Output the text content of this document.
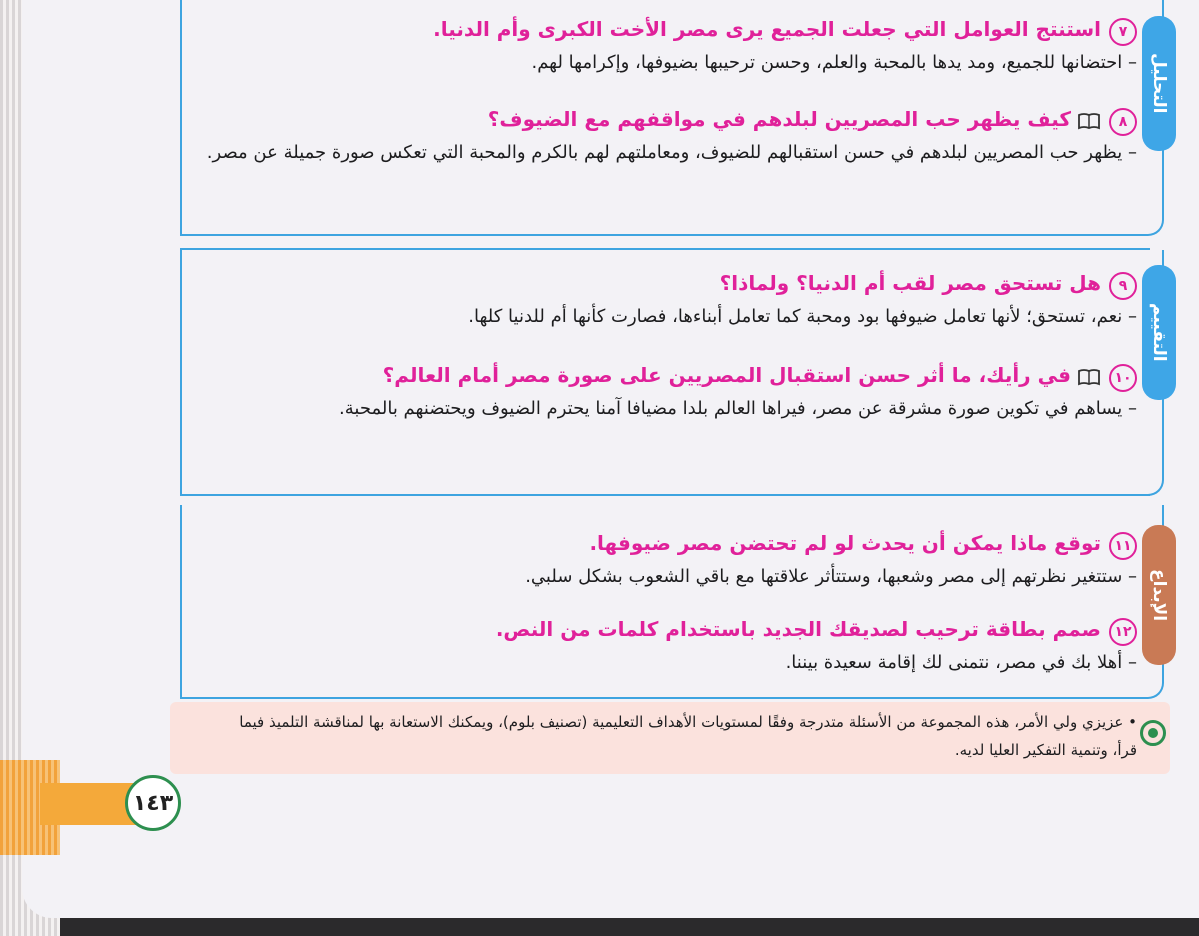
التحليل
التقييم
الإبداع

٧استنتج العوامل التي جعلت الجميع يرى مصر الأخت الكبرى وأم الدنيا.

– احتضانها للجميع، ومد يدها بالمحبة والعلم، وحسن ترحيبها بضيوفها، وإكرامها لهم.

٨كيف يظهر حب المصريين لبلدهم في مواقفهم مع الضيوف؟

– يظهر حب المصريين لبلدهم في حسن استقبالهم للضيوف، ومعاملتهم لهم بالكرم والمحبة التي تعكس صورة جميلة عن مصر.

٩هل تستحق مصر لقب أم الدنيا؟ ولماذا؟

– نعم، تستحق؛ لأنها تعامل ضيوفها بود ومحبة كما تعامل أبناءها، فصارت كأنها أم للدنيا كلها.

١٠في رأيك، ما أثر حسن استقبال المصريين على صورة مصر أمام العالم؟

– يساهم في تكوين صورة مشرقة عن مصر، فيراها العالم بلدا مضيافا آمنا يحترم الضيوف ويحتضنهم بالمحبة.

١١توقع ماذا يمكن أن يحدث لو لم تحتضن مصر ضيوفها.

– ستتغير نظرتهم إلى مصر وشعبها، وستتأثر علاقتها مع باقي الشعوب بشكل سلبي.

١٢صمم بطاقة ترحيب لصديقك الجديد باستخدام كلمات من النص.

– أهلا بك في مصر، نتمنى لك إقامة سعيدة بيننا.

• عزيزي ولي الأمر، هذه المجموعة من الأسئلة متدرجة وفقًا لمستويات الأهداف التعليمية (تصنيف بلوم)، ويمكنك الاستعانة بها لمناقشة التلميذ فيما قرأ، وتنمية التفكير العليا لديه.

١٤٣
